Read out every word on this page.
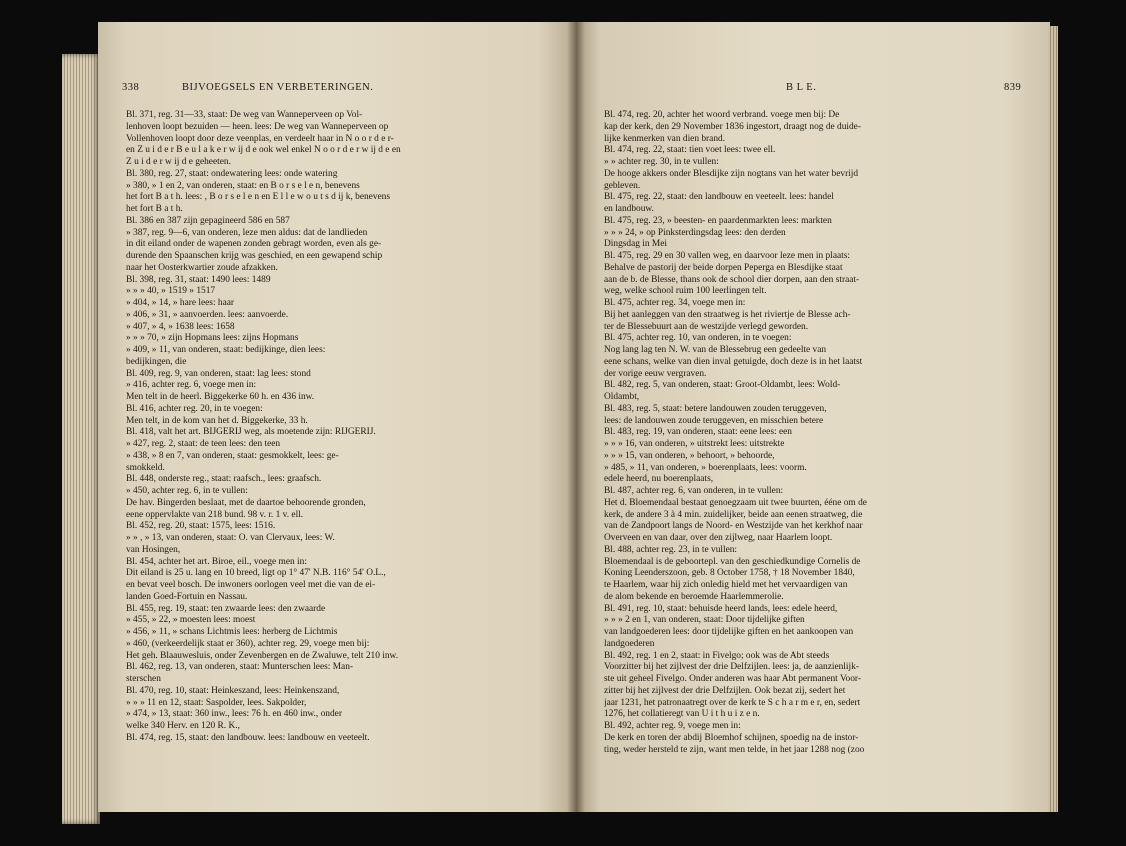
338	BIJVOEGSELS EN VERBETERINGEN.
Bl. 371, reg. 31—33, staat: De weg van Wanneperveen op Vol-
lenhoven loopt bezuiden — heen. lees: De weg van Wanneperveen op
Vollenhoven loopt door deze veenplas, en verdeelt haar in N o o r d e r-
en Z u i d e r B e u l a k e r w ij d e ook wel enkel N o o r d e r w ij d e en
Z u i d e r w ij d e geheeten.
Bl. 380, reg. 27, staat: ondewatering lees: onde watering
» 380, » 1 en 2, van onderen, staat: en B o r s e l e n, benevens
het fort B a t h. lees: , B o r s e l e n en E l l e w o u t s d ij k, benevens
het fort B a t h.
Bl. 386 en 387 zijn gepagineerd 586 en 587
» 387, reg. 9—6, van onderen, leze men aldus: dat de landlieden
in dit eiland onder de wapenen zonden gebragt worden, even als ge-
durende den Spaanschen krijg was geschied, en een gewapend schip
naar het Oosterkwartier zoude afzakken.
Bl. 398, reg. 31, staat: 1490 lees: 1489
» » » 40, » 1519 » 1517
» 404, » 14, » hare lees: haar
» 406, » 31, » aanvoerden. lees: aanvoerde.
» 407, » 4, » 1638 lees: 1658
» » » 70, » zijn Hopmans lees: zijns Hopmans
» 409, » 11, van onderen, staat: bedijkinge, dien lees:
bedijkingen, die
Bl. 409, reg. 9, van onderen, staat: lag lees: stond
» 416, achter reg. 6, voege men in:
Men telt in de heerl. Biggekerke 60 h. en 436 inw.
Bl. 416, achter reg. 20, in te voegen:
Men telt, in de kom van het d. Biggekerke, 33 h.
Bl. 418, valt het art. BIJGERIJ weg, als moetende zijn: RIJGERIJ.
» 427, reg. 2, staat: de teen lees: den teen
» 438, » 8 en 7, van onderen, staat: gesmokkelt, lees: ge-
smokkeld.
Bl. 448, onderste reg., staat: raafsch., lees: graafsch.
» 450, achter reg. 6, in te vullen:
De hav. Bingerden beslaat, met de daartoe behoorende gronden,
eene oppervlakte van 218 bund. 98 v. r. 1 v. ell.
Bl. 452, reg. 20, staat: 1575, lees: 1516.
» » , » 13, van onderen, staat: O. van Clervaux, lees: W.
van Hosingen,
Bl. 454, achter het art. Biroe, eil., voege men in:
Dit eiland is 25 u. lang en 10 breed, ligt op 1° 47' N.B. 116° 54' O.L.,
en bevat veel bosch. De inwoners oorlogen veel met die van de ei-
landen Goed-Fortuin en Nassau.
Bl. 455, reg. 19, staat: ten zwaarde lees: den zwaarde
» 455, » 22, » moesten lees: moest
» 456, » 11, » schans Lichtmis lees: herberg de Lichtmis
» 460, (verkeerdelijk staat er 360), achter reg. 29, voege men bij:
Het geh. Blaauwesluis, onder Zevenbergen en de Zwaluwe, telt 210 inw.
Bl. 462, reg. 13, van onderen, staat: Munterschen lees: Man-
sterschen
Bl. 470, reg. 10, staat: Heinkeszand, lees: Heinkenszand,
» » » 11 en 12, staat: Saspolder, lees. Sakpolder,
» 474, » 13, staat: 360 inw., lees: 76 h. en 460 inw., onder
welke 340 Herv. en 120 R. K.,
Bl. 474, reg. 15, staat: den landbouw. lees: landbouw en veeteelt.
B L E.	839
Bl. 474, reg. 20, achter het woord verbrand. voege men bij: De
kap der kerk, den 29 November 1836 ingestort, draagt nog de duide-
lijke kenmerken van dien brand.
Bl. 474, reg. 22, staat: tien voet lees: twee ell.
» » achter reg. 30, in te vullen:
De hooge akkers onder Blesdijke zijn nogtans van het water bevrijd
gebleven.
Bl. 475, reg. 22, staat: den landbouw en veeteelt. lees: handel
en landbouw.
Bl. 475, reg. 23, » beesten- en paardenmarkten lees: markten
» » » 24, » op Pinksterdingsdag lees: den derden
Dingsdag in Mei
Bl. 475, reg. 29 en 30 vallen weg, en daarvoor leze men in plaats:
Behalve de pastorij der beide dorpen Peperga en Blesdijke staat
aan de b. de Blesse, thans ook de school dier dorpen, aan den straat-
weg, welke school ruim 100 leerlingen telt.
Bl. 475, achter reg. 34, voege men in:
Bij het aanleggen van den straatweg is het riviertje de Blesse ach-
ter de Blessebuurt aan de westzijde verlegd geworden.
Bl. 475, achter reg. 10, van onderen, in te voegen:
Nog lang lag ten N. W. van de Blessebrug een gedeelte van
eene schans, welke van dien inval getuigde, doch deze is in het laatst
der vorige eeuw vergraven.
Bl. 482, reg. 5, van onderen, staat: Groot-Oldambt, lees: Wold-
Oldambt,
Bl. 483, reg. 5, staat: betere landouwen zouden teruggeven,
lees: de landouwen zoude teruggeven, en misschien betere
Bl. 483, reg. 19, van onderen, staat: eene lees: een
» » » 16, van onderen, » uitstrekt lees: uitstrekte
» » » 15, van onderen, » behoort, » behoorde,
» 485, » 11, van onderen, » boerenplaats, lees: voorm.
edele heerd, nu boerenplaats,
Bl. 487, achter reg. 6, van onderen, in te vullen:
Het d. Bloemendaal bestaat genoegzaam uit twee buurten, ééne om de
kerk, de andere 3 à 4 min. zuidelijker, beide aan eenen straatweg, die
van de Zandpoort langs de Noord- en Westzijde van het kerkhof naar
Overveen en van daar, over den zijlweg, naar Haarlem loopt.
Bl. 488, achter reg. 23, in te vullen:
Bloemendaal is de geboortepl. van den geschiedkundige Cornelis de
Koning Leenderszoon, geb. 8 October 1758, † 18 November 1840,
te Haarlem, waar hij zich onledig hield met het vervaardigen van
de alom bekende en beroemde Haarlemmerolie.
Bl. 491, reg. 10, staat: behuisde heerd lands, lees: edele heerd,
» » » 2 en 1, van onderen, staat: Door tijdelijke giften
van landgoederen lees: door tijdelijke giften en het aankoopen van
landgoederen
Bl. 492, reg. 1 en 2, staat: in Fivelgo; ook was de Abt steeds
Voorzitter bij het zijlvest der drie Delfzijlen. lees: ja, de aanzienlijk-
ste uit geheel Fivelgo. Onder anderen was haar Abt permanent Voor-
zitter bij het zijlvest der drie Delfzijlen. Ook bezat zij, sedert het
jaar 1231, het patronaatregt over de kerk te S c h a r m e r, en, sedert
1276, het collatieregt van U i t h u i z e n.
Bl. 492, achter reg. 9, voege men in:
De kerk en toren der abdij Bloemhof schijnen, spoedig na de instor-
ting, weder hersteld te zijn, want men telde, in het jaar 1288 nog (zoo
